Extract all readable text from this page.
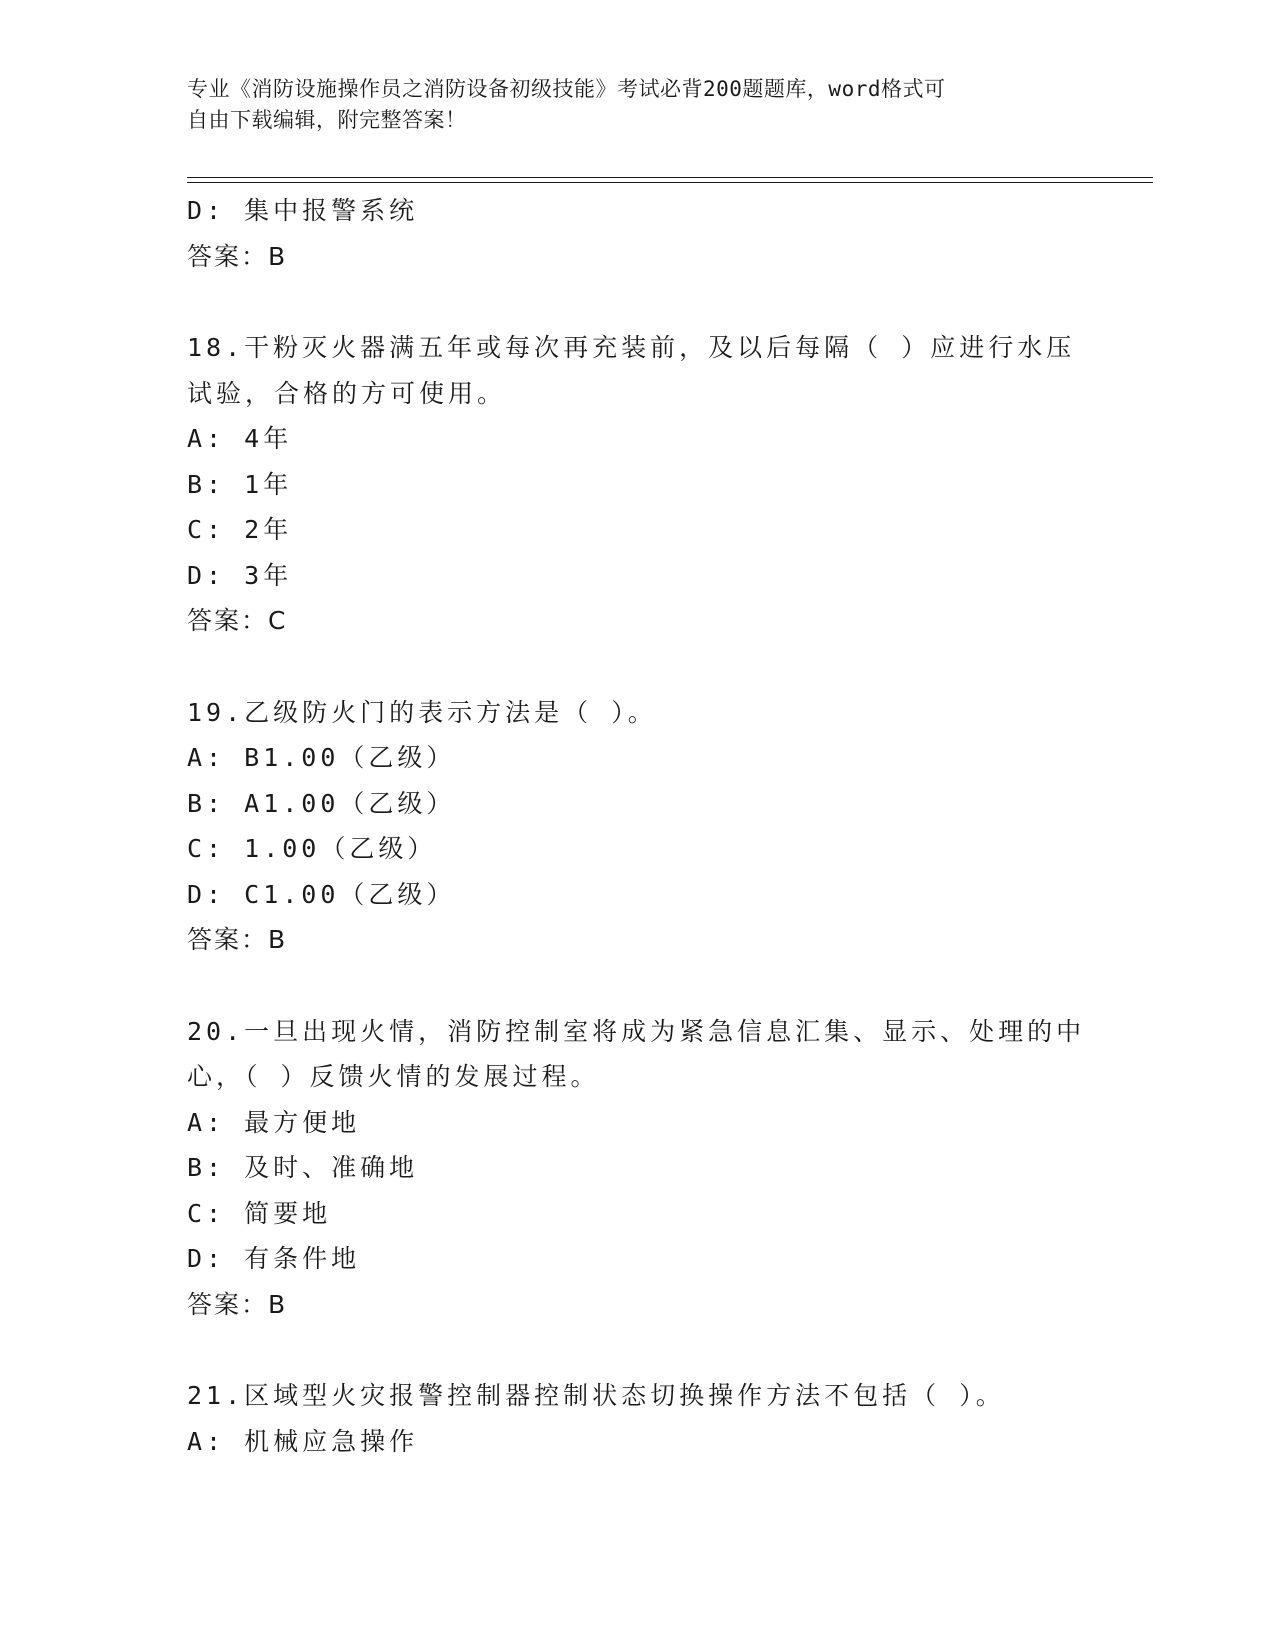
专业《消防设施操作员之消防设备初级技能》考试必背200题题库，word格式可
自由下载编辑，附完整答案！
D: 集中报警系统
答案：B
18.干粉灭火器满五年或每次再充装前，及以后每隔（ ）应进行水压
试验，合格的方可使用。
A: 4年
B: 1年
C: 2年
D: 3年
答案：C
19.乙级防火门的表示方法是（ ）。
A: B1.00（乙级）
B: A1.00（乙级）
C: 1.00（乙级）
D: C1.00（乙级）
答案：B
20.一旦出现火情，消防控制室将成为紧急信息汇集、显示、处理的中
心，（ ）反馈火情的发展过程。
A: 最方便地
B: 及时、准确地
C: 简要地
D: 有条件地
答案：B
21.区域型火灾报警控制器控制状态切换操作方法不包括（ ）。
A: 机械应急操作
